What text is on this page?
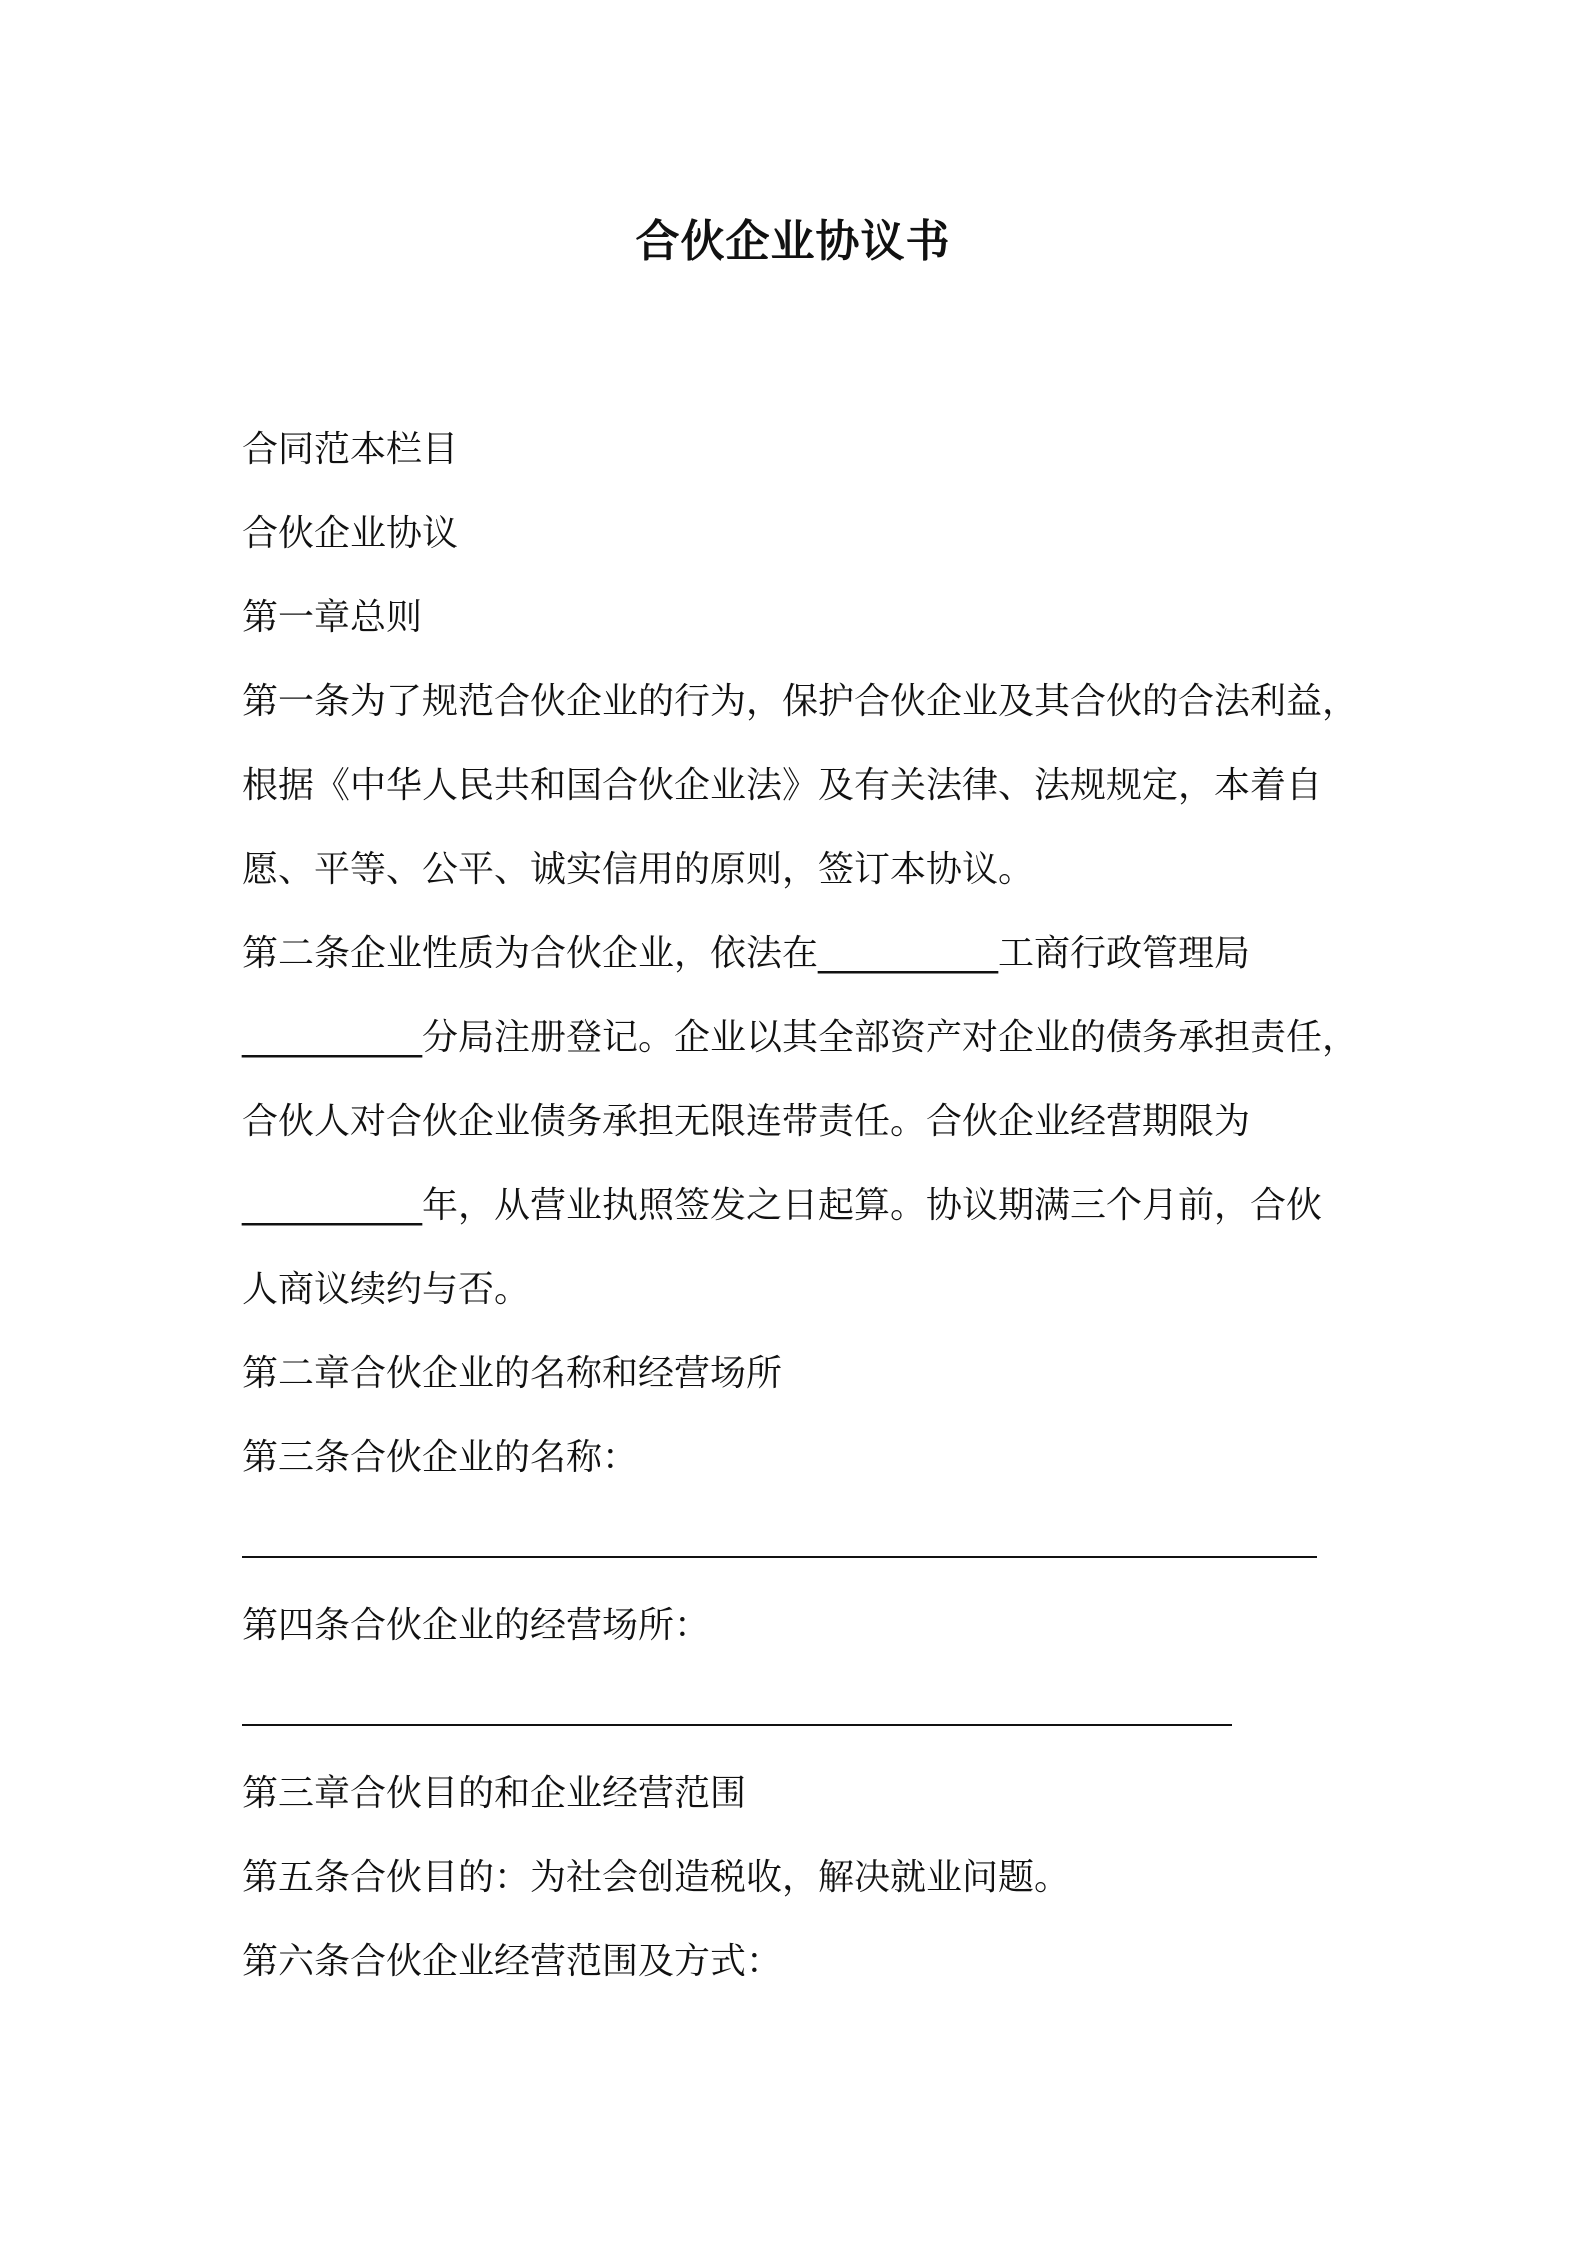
合伙企业协议书

合同范本栏目

合伙企业协议

第一章总则

第一条为了规范合伙企业的行为，保护合伙企业及其合伙的合法利益，

根据《中华人民共和国合伙企业法》及有关法律、法规规定，本着自

愿、平等、公平、诚实信用的原则，签订本协议。

第二条企业性质为合伙企业，依法在__________工商行政管理局

__________分局注册登记。企业以其全部资产对企业的债务承担责任，

合伙人对合伙企业债务承担无限连带责任。合伙企业经营期限为

__________年，从营业执照签发之日起算。协议期满三个月前，合伙

人商议续约与否。

第二章合伙企业的名称和经营场所

第三条合伙企业的名称：

第四条合伙企业的经营场所：

第三章合伙目的和企业经营范围

第五条合伙目的：为社会创造税收，解决就业问题。

第六条合伙企业经营范围及方式：
